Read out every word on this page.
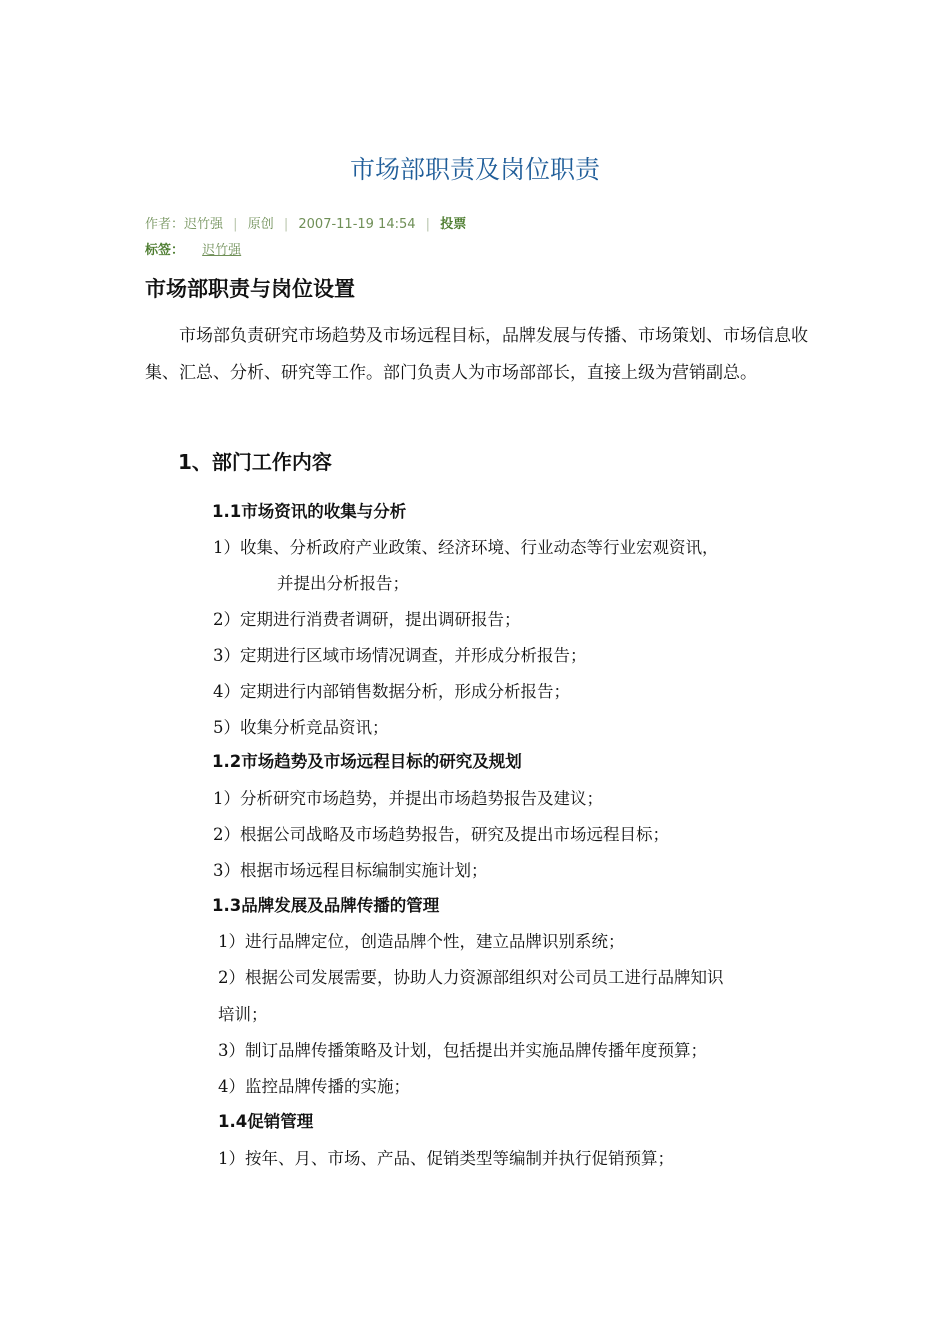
市场部职责及岗位职责
作者：迟竹强 | 原创 | 2007-11-19 14:54 | 投票
标签： 迟竹强
市场部职责与岗位设置
市场部负责研究市场趋势及市场远程目标，品牌发展与传播、市场策划、市场信息收集、汇总、分析、研究等工作。部门负责人为市场部部长，直接上级为营销副总。
1、部门工作内容
1.1市场资讯的收集与分析
1）收集、分析政府产业政策、经济环境、行业动态等行业宏观资讯，
并提出分析报告；
2）定期进行消费者调研，提出调研报告；
3）定期进行区域市场情况调查，并形成分析报告；
4）定期进行内部销售数据分析，形成分析报告；
5）收集分析竞品资讯；
1.2市场趋势及市场远程目标的研究及规划
1）分析研究市场趋势，并提出市场趋势报告及建议；
2）根据公司战略及市场趋势报告，研究及提出市场远程目标；
3）根据市场远程目标编制实施计划；
1.3品牌发展及品牌传播的管理
1）进行品牌定位，创造品牌个性，建立品牌识别系统；
2）根据公司发展需要，协助人力资源部组织对公司员工进行品牌知识
培训；
3）制订品牌传播策略及计划，包括提出并实施品牌传播年度预算；
4）监控品牌传播的实施；
1.4促销管理
1）按年、月、市场、产品、促销类型等编制并执行促销预算；
